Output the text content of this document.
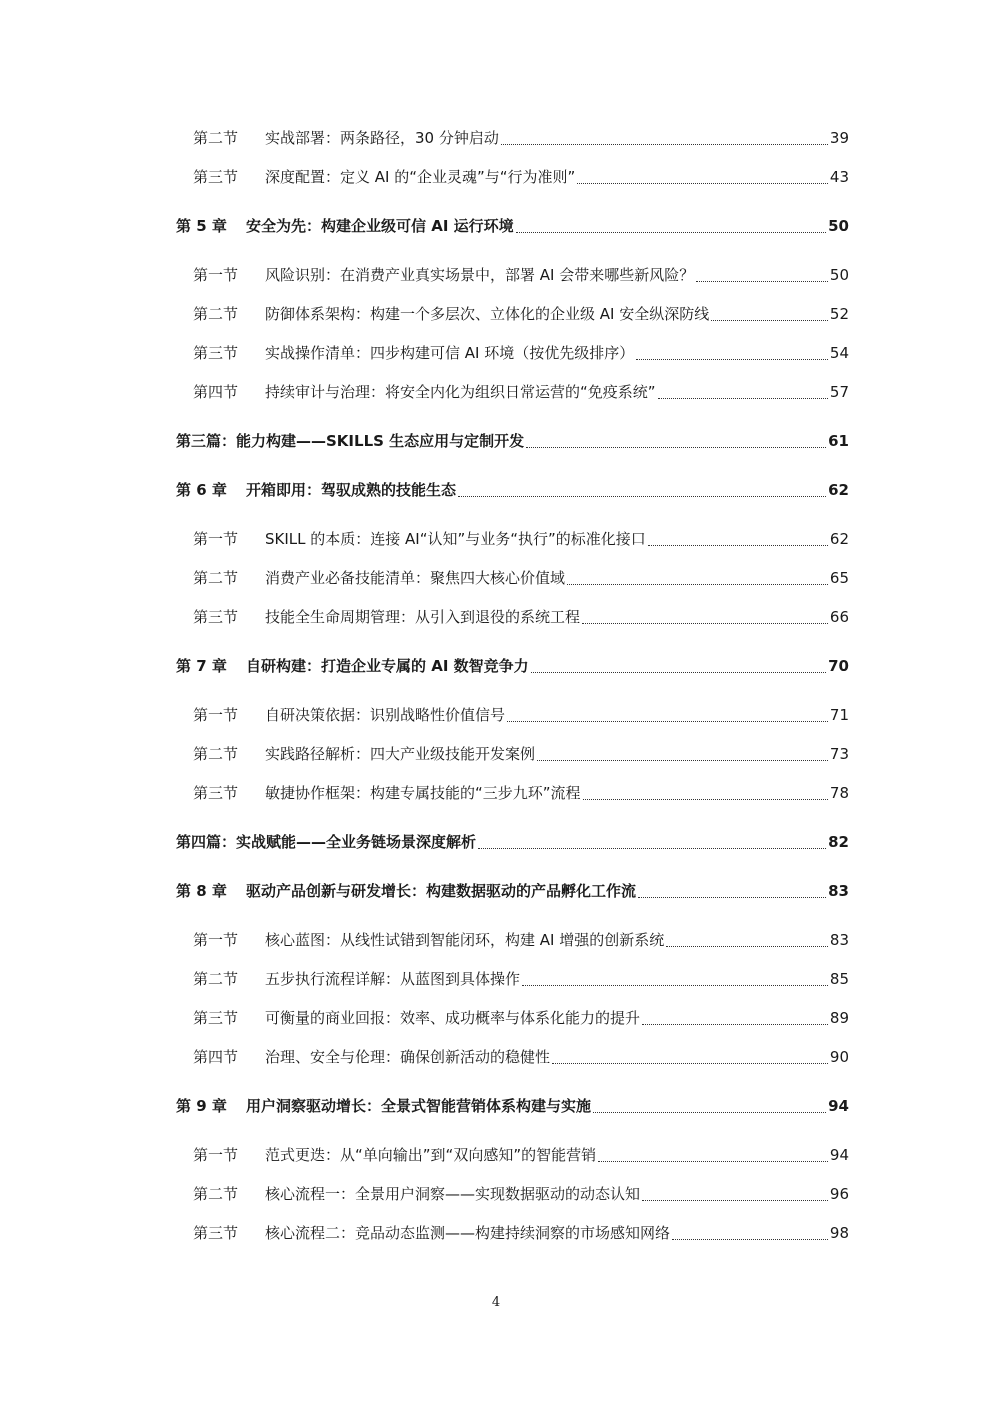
第二节	实战部署：两条路径，30 分钟启动	39
第三节	深度配置：定义 AI 的“企业灵魂”与“行为准则”	43
第 5 章	安全为先：构建企业级可信 AI 运行环境	50
第一节	风险识别：在消费产业真实场景中，部署 AI 会带来哪些新风险？	50
第二节	防御体系架构：构建一个多层次、立体化的企业级 AI 安全纵深防线	52
第三节	实战操作清单：四步构建可信 AI 环境（按优先级排序）	54
第四节	持续审计与治理：将安全内化为组织日常运营的“免疫系统”	57
第三篇：能力构建——SKILLS 生态应用与定制开发	61
第 6 章	开箱即用：驾驭成熟的技能生态	62
第一节	SKILL 的本质：连接 AI“认知”与业务“执行”的标准化接口	62
第二节	消费产业必备技能清单：聚焦四大核心价值域	65
第三节	技能全生命周期管理：从引入到退役的系统工程	66
第 7 章	自研构建：打造企业专属的 AI 数智竞争力	70
第一节	自研决策依据：识别战略性价值信号	71
第二节	实践路径解析：四大产业级技能开发案例	73
第三节	敏捷协作框架：构建专属技能的“三步九环”流程	78
第四篇：实战赋能——全业务链场景深度解析	82
第 8 章	驱动产品创新与研发增长：构建数据驱动的产品孵化工作流	83
第一节	核心蓝图：从线性试错到智能闭环，构建 AI 增强的创新系统	83
第二节	五步执行流程详解：从蓝图到具体操作	85
第三节	可衡量的商业回报：效率、成功概率与体系化能力的提升	89
第四节	治理、安全与伦理：确保创新活动的稳健性	90
第 9 章	用户洞察驱动增长：全景式智能营销体系构建与实施	94
第一节	范式更迭：从“单向输出”到“双向感知”的智能营销	94
第二节	核心流程一：全景用户洞察——实现数据驱动的动态认知	96
第三节	核心流程二：竞品动态监测——构建持续洞察的市场感知网络	98
4
